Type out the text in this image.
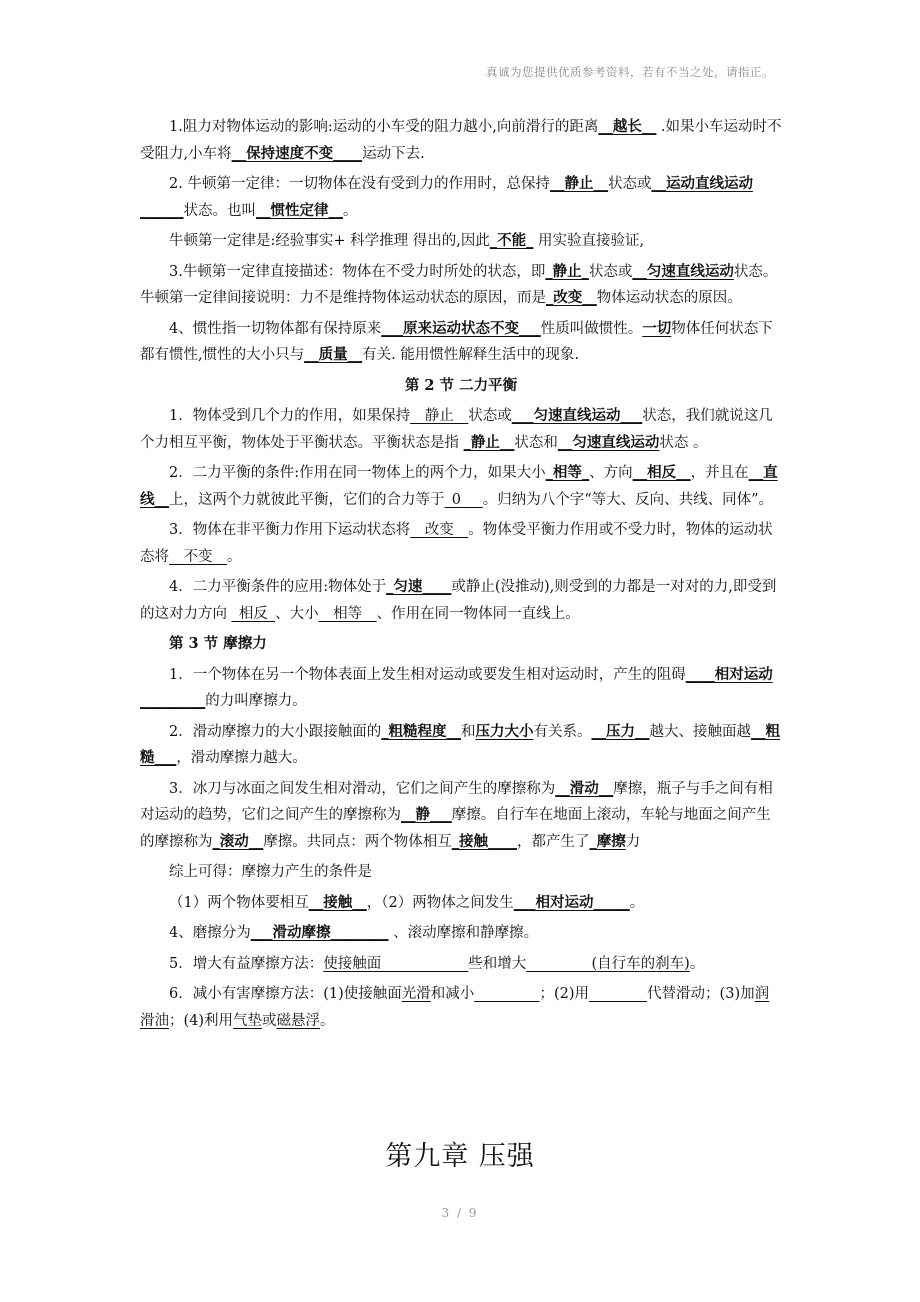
真诚为您提供优质参考资料，若有不当之处，请指正。
1.阻力对物体运动的影响:运动的小车受的阻力越小,向前滑行的距离__越长__ .如果小车运动时不受阻力,小车将__保持速度不变____运动下去.
2. 牛顿第一定律：一切物体在没有受到力的作用时，总保持__静止__状态或__运动直线运动______状态。也叫__惯性定律__。
牛顿第一定律是:经验事实+ 科学推理 得出的,因此_不能_ 用实验直接验证,
3.牛顿第一定律直接描述：物体在不受力时所处的状态，即_静止_状态或__匀速直线运动状态。牛顿第一定律间接说明：力不是维持物体运动状态的原因，而是_改变__物体运动状态的原因。
4、惯性指一切物体都有保持原来___原来运动状态不变___性质叫做惯性。一切物体任何状态下都有惯性,惯性的大小只与__质量__有关. 能用惯性解释生活中的现象.
第 2 节 二力平衡
1．物体受到几个力的作用，如果保持__静止__状态或___匀速直线运动___状态，我们就说这几个力相互平衡，物体处于平衡状态。平衡状态是指 _静止__状态和__匀速直线运动状态 。
2．二力平衡的条件:作用在同一物体上的两个力，如果大小_相等_、方向__相反__，并且在__直线__上，这两个力就彼此平衡，它们的合力等于_0___。归纳为八个字“等大、反向、共线、同体”。
3．物体在非平衡力作用下运动状态将__改变__。物体受平衡力作用或不受力时，物体的运动状态将__不变__。
4．二力平衡条件的应用:物体处于_匀速____或静止(没推动),则受到的力都是一对对的力,即受到的这对力方向 _相反_、大小__相等__、作用在同一物体同一直线上。
第 3 节 摩擦力
1．一个物体在另一个物体表面上发生相对运动或要发生相对运动时，产生的阻碍____相对运动_________的力叫摩擦力。
2．滑动摩擦力的大小跟接触面的_粗糙程度__和压力大小有关系。__压力__越大、接触面越__粗糙___，滑动摩擦力越大。
3．冰刀与冰面之间发生相对滑动，它们之间产生的摩擦称为__滑动__摩擦，瓶子与手之间有相对运动的趋势，它们之间产生的摩擦称为__静___摩擦。自行车在地面上滚动，车轮与地面之间产生的摩擦称为_滚动__摩擦。共同点：两个物体相互_接触____，都产生了_摩擦力
综上可得：摩擦力产生的条件是
（1）两个物体要相互__接触__，（2）两物体之间发生___相对运动_____。
4、磨擦分为___滑动摩擦________ 、滚动摩擦和静摩擦。
5．增大有益摩擦方法：使接触面____________些和增大_________(自行车的刹车)。
6．减小有害摩擦方法：(1)使接触面光滑和减小_________；(2)用________代替滑动；(3)加润滑油；(4)利用气垫或磁悬浮。
第九章 压强
3 / 9
